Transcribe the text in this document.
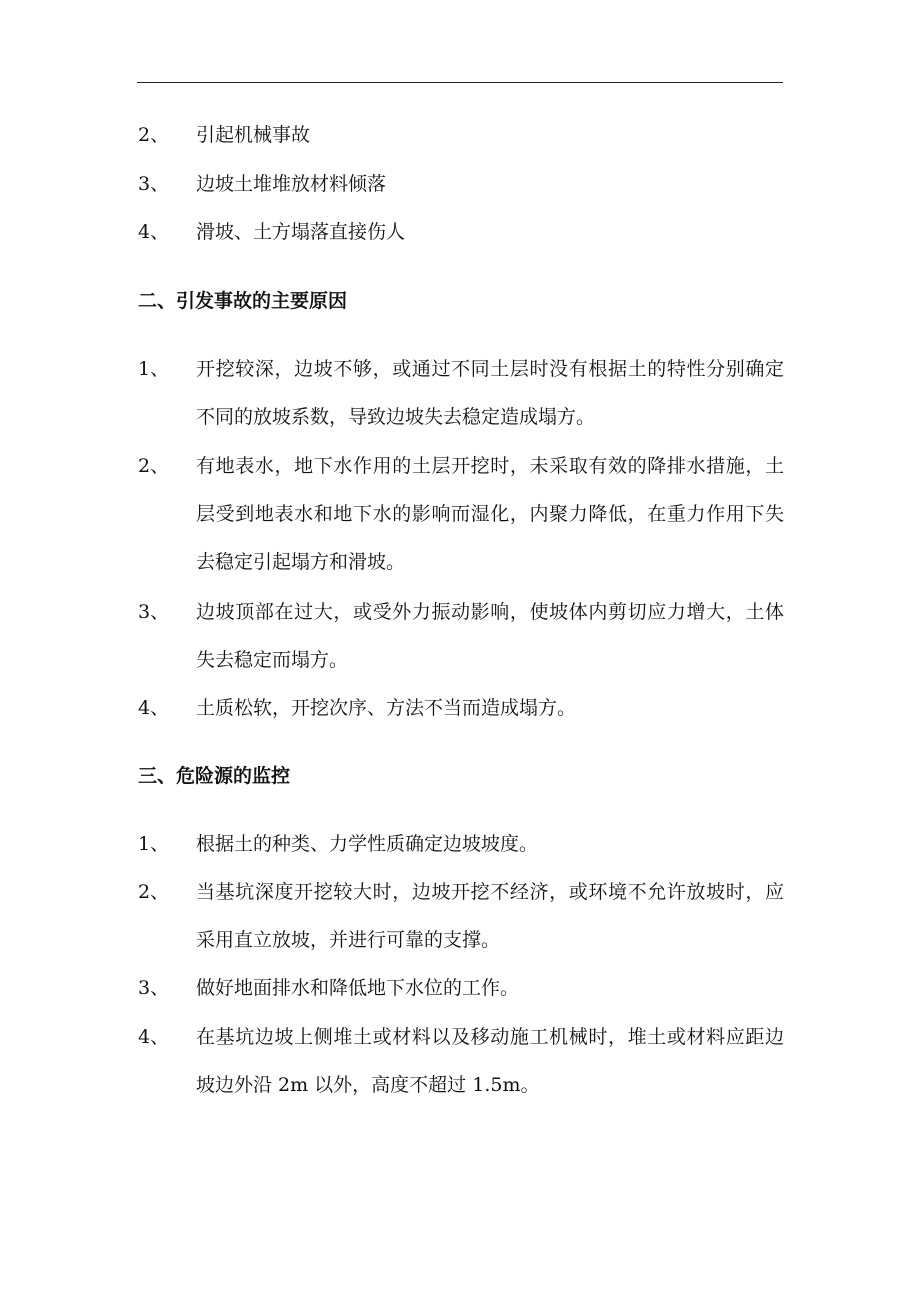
2、 引起机械事故
3、 边坡土堆堆放材料倾落
4、 滑坡、土方塌落直接伤人
二、引发事故的主要原因
1、 开挖较深，边坡不够，或通过不同土层时没有根据土的特性分别确定不同的放坡系数，导致边坡失去稳定造成塌方。
2、 有地表水，地下水作用的土层开挖时，未采取有效的降排水措施，土层受到地表水和地下水的影响而湿化，内聚力降低，在重力作用下失去稳定引起塌方和滑坡。
3、 边坡顶部在过大，或受外力振动影响，使坡体内剪切应力增大，土体失去稳定而塌方。
4、 土质松软，开挖次序、方法不当而造成塌方。
三、危险源的监控
1、 根据土的种类、力学性质确定边坡坡度。
2、 当基坑深度开挖较大时，边坡开挖不经济，或环境不允许放坡时，应采用直立放坡，并进行可靠的支撑。
3、 做好地面排水和降低地下水位的工作。
4、 在基坑边坡上侧堆土或材料以及移动施工机械时，堆土或材料应距边坡边外沿 2m 以外，高度不超过 1.5m。
